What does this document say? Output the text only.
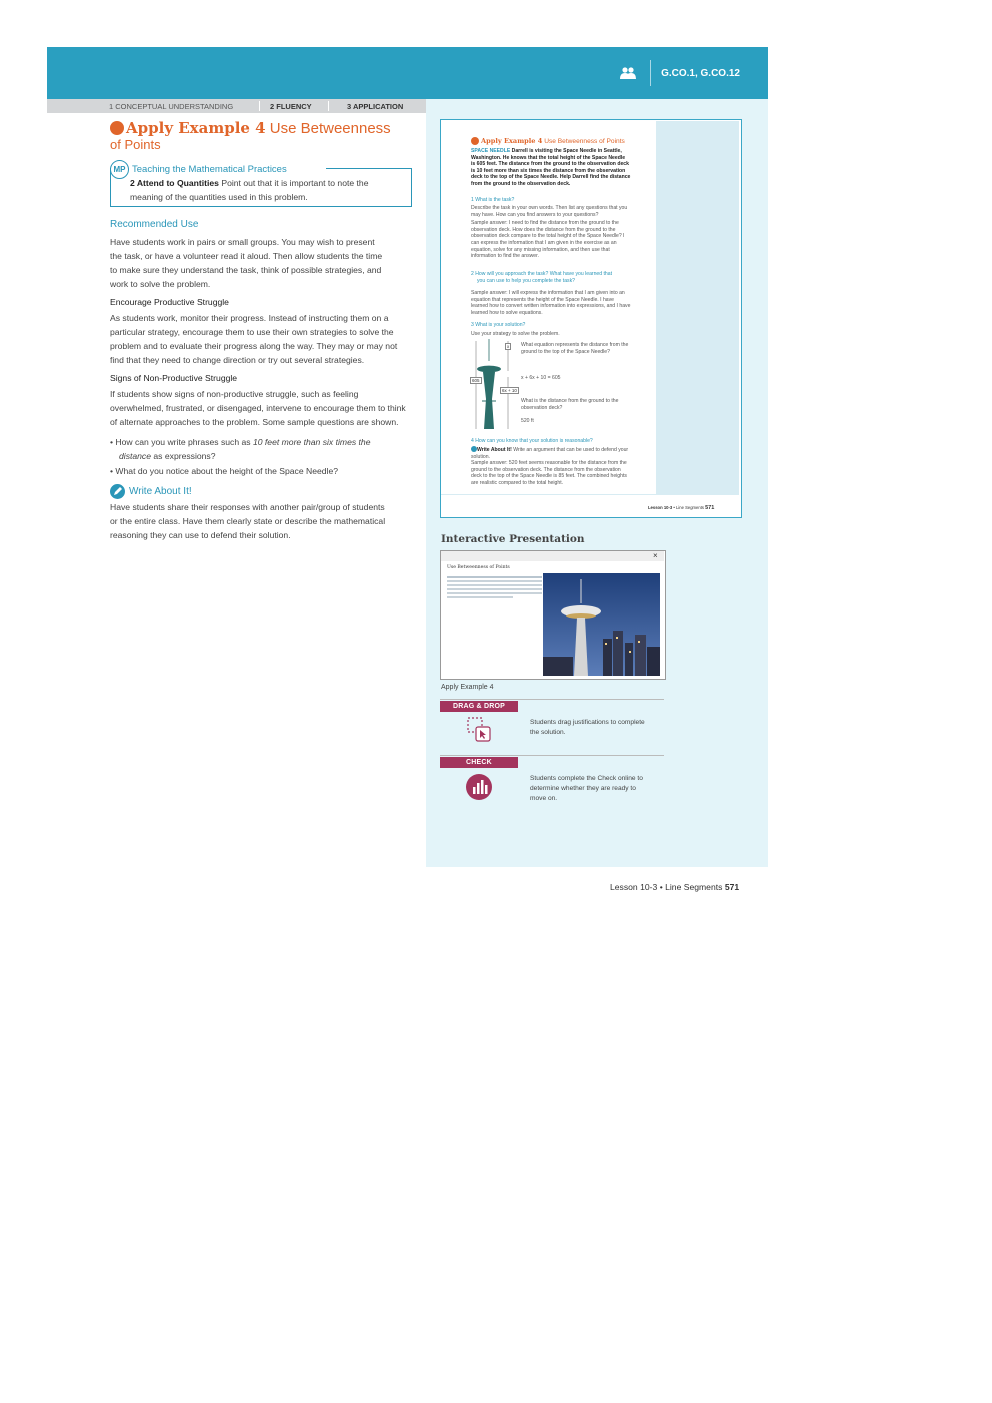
G.CO.1, G.CO.12
1 CONCEPTUAL UNDERSTANDING	2 FLUENCY	3 APPLICATION
Apply Example 4 Use Betweenness
of Points
MP Teaching the Mathematical Practices
2 Attend to Quantities Point out that it is important to note the
meaning of the quantities used in this problem.
Recommended Use
Have students work in pairs or small groups. You may wish to present
the task, or have a volunteer read it aloud. Then allow students the time
to make sure they understand the task, think of possible strategies, and
work to solve the problem.
Encourage Productive Struggle
As students work, monitor their progress. Instead of instructing them on a
particular strategy, encourage them to use their own strategies to solve the
problem and to evaluate their progress along the way. They may or may not
find that they need to change direction or try out several strategies.
Signs of Non-Productive Struggle
If students show signs of non-productive struggle, such as feeling
overwhelmed, frustrated, or disengaged, intervene to encourage them to think
of alternate approaches to the problem. Some sample questions are shown.
• How can you write phrases such as 10 feet more than six times the
distance as expressions?
• What do you notice about the height of the Space Needle?
Write About It!
Have students share their responses with another pair/group of students
or the entire class. Have them clearly state or describe the mathematical
reasoning they can use to defend their solution.
Apply Example 4 Use Betweenness of Points
SPACE NEEDLE Darrell is visiting the Space Needle in Seattle,
Washington. He knows that the total height of the Space Needle
is 605 feet. The distance from the ground to the observation deck
is 10 feet more than six times the distance from the observation
deck to the top of the Space Needle. Help Darrell find the distance
from the ground to the observation deck.
1 What is the task?
Describe the task in your own words. Then list any questions that you
may have. How can you find answers to your questions?
Sample answer: I need to find the distance from the ground to the
observation deck. How does the distance from the ground to the
observation deck compare to the total height of the Space Needle? I
can express the information that I am given in the exercise as an
equation, solve for any missing information, and then use that
information to find the answer.
2 How will you approach the task? What have you learned that
you can use to help you complete the task?
Sample answer: I will express the information that I am given into an
equation that represents the height of the Space Needle. I have
learned how to convert written information into expressions, and I have
learned how to solve equations.
3 What is your solution?
Use your strategy to solve the problem.
605
x
6x + 10
What equation represents the distance from the
ground to the top of the Space Needle?
x + 6x + 10 = 605
What is the distance from the ground to the
observation deck?
520 ft
4 How can you know that your solution is reasonable?
Write About It! Write an argument that can be used to defend your
solution.
Sample answer: 520 feet seems reasonable for the distance from the
ground to the observation deck. The distance from the observation
deck to the top of the Space Needle is 85 feet. The combined heights
are realistic compared to the total height.
Lesson 10-3 • Line Segments 571
Interactive Presentation
×
Use Betweenness of Points
Apply Example 4
DRAG & DROP
Students drag justifications to complete
the solution.
CHECK
Students complete the Check online to
determine whether they are ready to
move on.
Lesson 10-3 • Line Segments 571
